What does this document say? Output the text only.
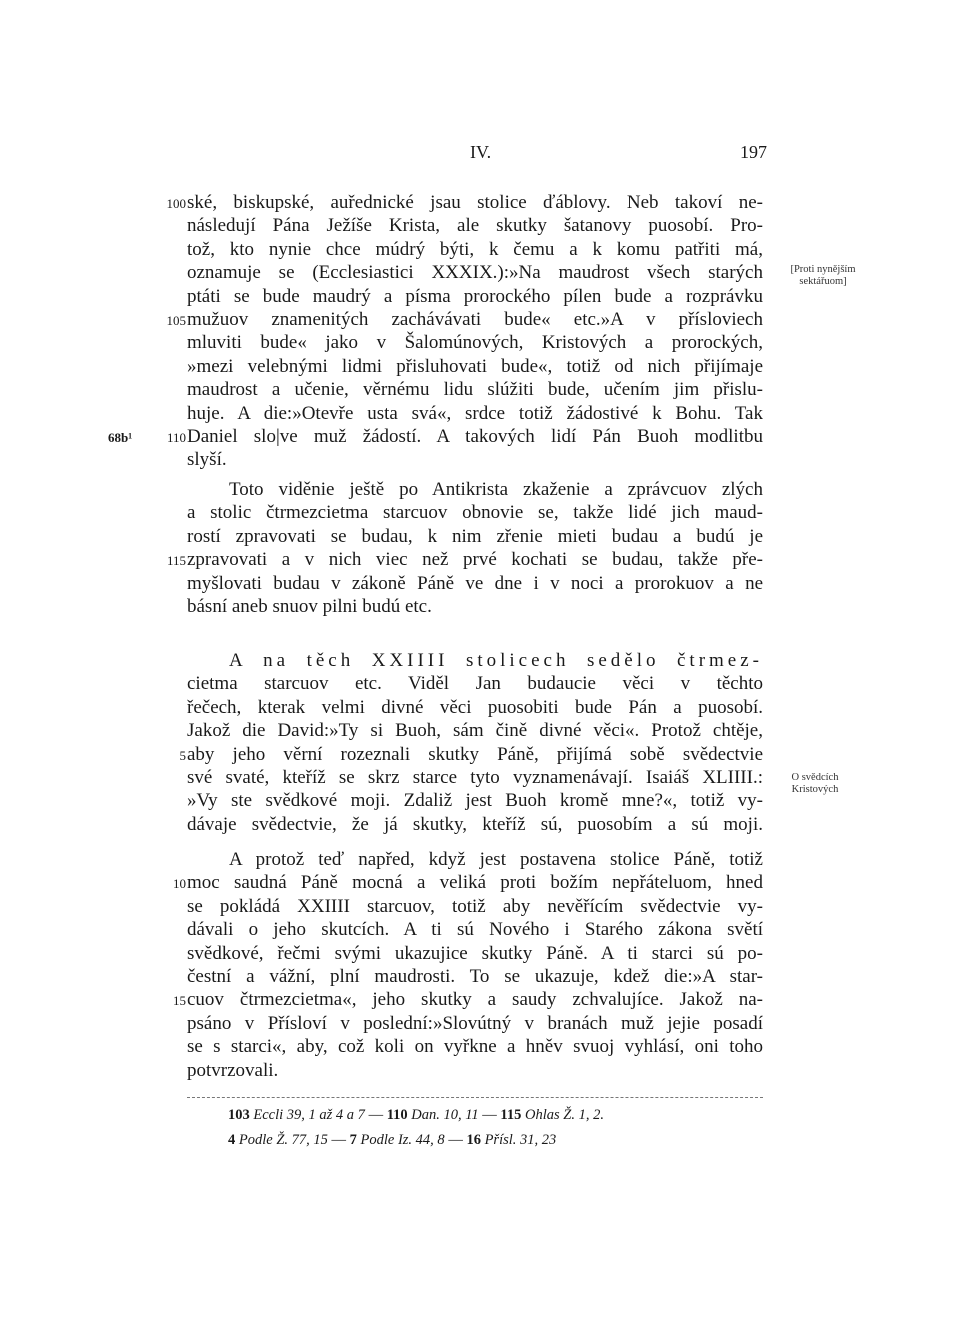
IV.	197
100 ské, biskupské, auřednické jsau stolice ďáblovy. Neb takoví ne-
následují Pána Ježíše Krista, ale skutky šatanovy puosobí. Pro-
tož, kto nynie chce múdrý býti, k čemu a k komu patřiti má,
oznamuje se (Ecclesiastici XXXIX.):»Na maudrost všech starých
ptáti se bude maudrý a písma prorockého pílen bude a rozprávku
105 mužuov znamenitých zachávávati bude« etc.»A v přísloviech
mluviti bude« jako v Šalomúnových, Kristových a prorockých,
»mezi velebnými lidmi přisluhovati bude«, totiž od nich přijímaje
maudrost a učenie, věrnému lidu slúžiti bude, učením jim přislu-
huje. A die:»Otevře usta svá«, srdce totiž žádostivé k Bohu. Tak
68b¹	110 Daniel slo|ve muž žádostí. A takových lidí Pán Buoh modlitbu
slyší.
Toto viděnie ještě po Antikrista zkaženie a zprávcuov zlých
a stolic čtrmezcietma starcuov obnovie se, takže lidé jich maud-
rostí zpravovati se budau, k nim zřenie mieti budau a budú je
115 zpravovati a v nich viec než prvé kochati se budau, takže pře-
myšlovati budau v zákoně Páně ve dne i v noci a prorokuov a ne
básní aneb snuov pilni budú etc.
A na těch XXIIII stolicech sedělo čtrmez-
cietma starcuov etc. Viděl Jan budaucie věci v těchto
řečech, kterak velmi divné věci puosobiti bude Pán a puosobí.
Jakož die David:»Ty si Buoh, sám čině divné věci«. Protož chtěje,
5 aby jeho věrní rozeznali skutky Páně, přijímá sobě svědectvie
své svaté, kteříž se skrz starce tyto vyznamenávají. Isaiáš XLIIII.:
»Vy ste svědkové moji. Zdaliž jest Buoh kromě mne?«, totiž vy-
dávaje svědectvie, že já skutky, kteříž sú, puosobím a sú moji.
A protož teď napřed, když jest postavena stolice Páně, totiž
10 moc saudná Páně mocná a veliká proti božím nepřáteluom, hned
se pokládá XXIIII starcuov, totiž aby nevěřícím svědectvie vy-
dávali o jeho skutcích. A ti sú Nového i Starého zákona světí
svědkové, řečmi svými ukazujice skutky Páně. A ti starci sú po-
čestní a vážní, plní maudrosti. To se ukazuje, kdež die:»A star-
15 cuov čtrmezcietma«, jeho skutky a saudy zchvalujíce. Jakož na-
psáno v Přísloví v poslední:»Slovútný v branách muž jejie posadí
se s starci«, aby, což koli on vyřkne a hněv svuoj vyhlásí, oni toho
potvrzovali.
[Proti nynějším
sektářuom]
O svědcích
Kristových
103 Eccli 39, 1 až 4 a 7 — 110 Dan. 10, 11 — 115 Ohlas Ž. 1, 2.
4 Podle Ž. 77, 15 — 7 Podle Iz. 44, 8 — 16 Přísl. 31, 23
